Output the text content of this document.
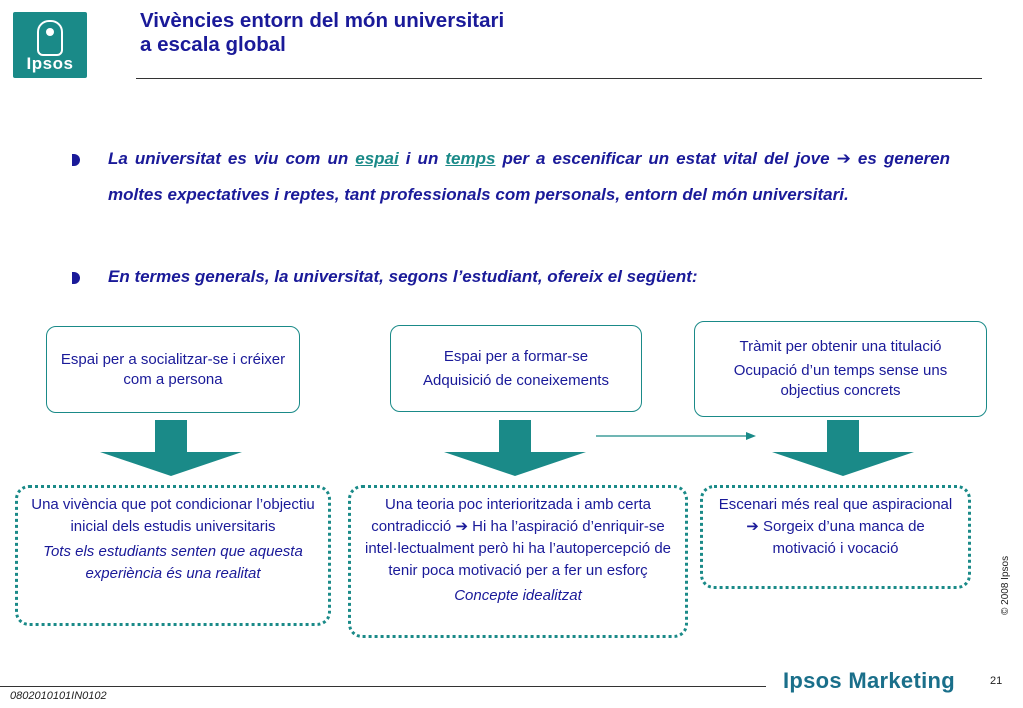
Ipsos
Vivències entorn del món universitari
a escala global
La universitat es viu com un espai i un temps per a escenificar un estat vital del jove ➔ es generen moltes expectatives i reptes, tant professionals com personals, entorn del món universitari.
En termes generals, la universitat, segons l’estudiant, ofereix el següent:

Espai per a socialitzar-se i créixer com a persona

Una vivència que pot condicionar l’objectiu inicial dels estudis universitaris

Tots els estudiants senten que aquesta experiència és una realitat

Espai per a formar-se

Adquisició de coneixements

Una teoria poc interioritzada i amb certa contradicció ➔ Hi ha l’aspiració d’enriquir-se intel·lectualment però hi ha l’autopercepció de tenir poca motivació per a fer un esforç

Concepte idealitzat

Tràmit per obtenir una titulació

Ocupació d’un temps sense uns objectius concrets

Escenari més real que aspiracional ➔ Sorgeix d’una manca de motivació i vocació

© 2008 Ipsos
21
0802010101IN0102
Ipsos Marketing
